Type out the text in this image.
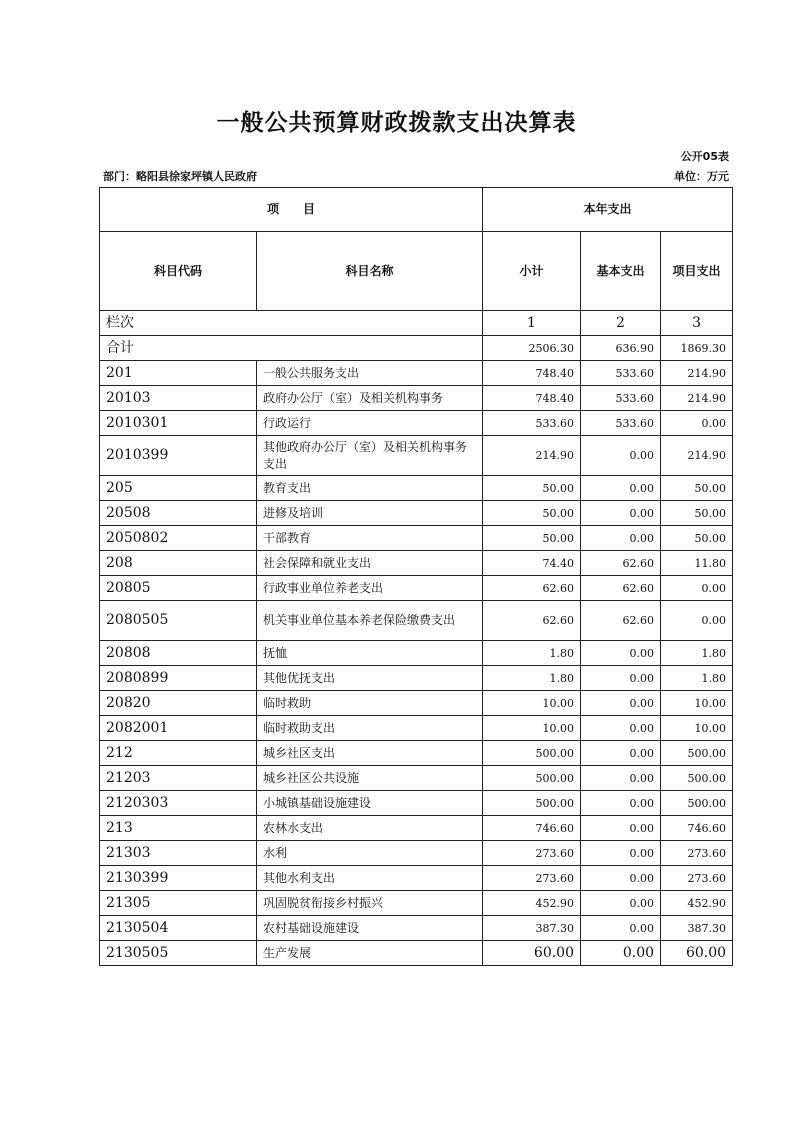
一般公共预算财政拨款支出决算表
公开05表
部门：略阳县徐家坪镇人民政府	单位：万元
项　　目		本年支出		
科目代码	科目名称	小计	基本支出	项目支出
栏次		1	2	3
合计		2506.30	636.90	1869.30
201	一般公共服务支出	748.40	533.60	214.90
20103	政府办公厅（室）及相关机构事务	748.40	533.60	214.90
2010301	行政运行	533.60	533.60	0.00
2010399	其他政府办公厅（室）及相关机构事务支出	214.90	0.00	214.90
205	教育支出	50.00	0.00	50.00
20508	进修及培训	50.00	0.00	50.00
2050802	干部教育	50.00	0.00	50.00
208	社会保障和就业支出	74.40	62.60	11.80
20805	行政事业单位养老支出	62.60	62.60	0.00
2080505	机关事业单位基本养老保险缴费支出	62.60	62.60	0.00
20808	抚恤	1.80	0.00	1.80
2080899	其他优抚支出	1.80	0.00	1.80
20820	临时救助	10.00	0.00	10.00
2082001	临时救助支出	10.00	0.00	10.00
212	城乡社区支出	500.00	0.00	500.00
21203	城乡社区公共设施	500.00	0.00	500.00
2120303	小城镇基础设施建设	500.00	0.00	500.00
213	农林水支出	746.60	0.00	746.60
21303	水利	273.60	0.00	273.60
2130399	其他水利支出	273.60	0.00	273.60
21305	巩固脱贫衔接乡村振兴	452.90	0.00	452.90
2130504	农村基础设施建设	387.30	0.00	387.30
2130505	生产发展	60.00	0.00	60.00
